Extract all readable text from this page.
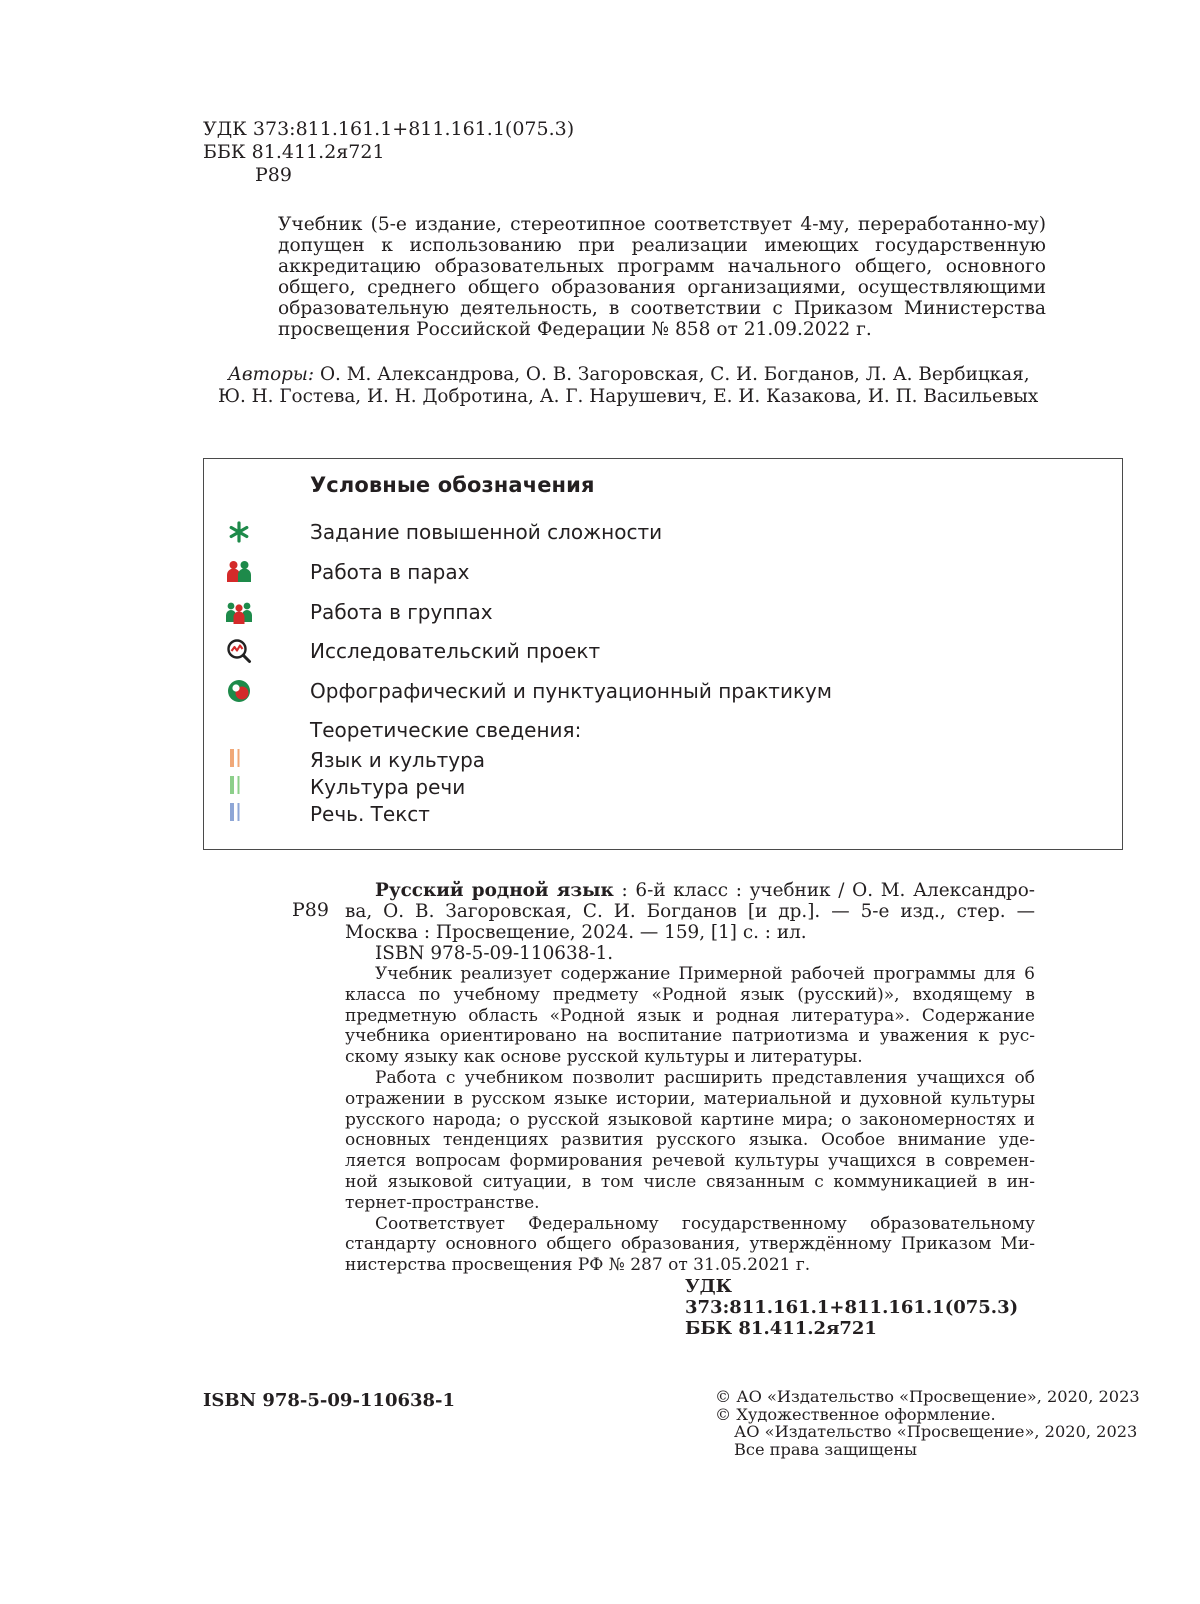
УДК 373:811.161.1+811.161.1(075.3)
ББК 81.411.2я721
Р89

Учебник (5-е издание, стереотипное соответствует 4-му, переработанно-му) допущен к использованию при реализации имеющих государственную аккредитацию образовательных программ начального общего, основного общего, среднего общего образования организациями, осуществляющими образовательную деятельность, в соответствии с Приказом Министерства просвещения Российской Федерации № 858 от 21.09.2022 г.

Авторы: О. М. Александрова, О. В. Загоровская, С. И. Богданов, Л. А. Вербицкая,
Ю. Н. Гостева, И. Н. Добротина, А. Г. Нарушевич, Е. И. Казакова, И. П. Васильевых
Условные обозначения
Задание повышенной сложности
Работа в парах
Работа в группах
Исследовательский проект
Орфографический и пунктуационный практикум
Теоретические сведения:
Язык и культура
Культура речи
Речь. Текст
Р89

Русский родной язык : 6-й класс : учебник / О. М. Александро-ва, О. В. Загоровская, С. И. Богданов [и др.]. — 5-е изд., стер. — Москва : Просвещение, 2024. — 159, [1] с. : ил.

ISBN 978-5-09-110638-1.

Учебник реализует содержание Примерной рабочей программы для 6 класса по учебному предмету «Родной язык (русский)», входящему в предметную область «Родной язык и родная литература». Содержание учебника ориентировано на воспитание патриотизма и уважения к рус-скому языку как основе русской культуры и литературы.

Работа с учебником позволит расширить представления учащихся об отражении в русском языке истории, материальной и духовной культуры русского народа; о русской языковой картине мира; о закономерностях и основных тенденциях развития русского языка. Особое внимание уде-ляется вопросам формирования речевой культуры учащихся в современ-ной языковой ситуации, в том числе связанным с коммуникацией в ин-тернет-пространстве.

Соответствует Федеральному государственному образовательному стандарту основного общего образования, утверждённому Приказом Ми-нистерства просвещения РФ № 287 от 31.05.2021 г.

УДК 373:811.161.1+811.161.1(075.3)

ББК 81.411.2я721

ISBN 978-5-09-110638-1	© АО «Издательство «Просвещение», 2020, 2023
© Художественное оформление.
АО «Издательство «Просвещение», 2020, 2023
Все права защищены
